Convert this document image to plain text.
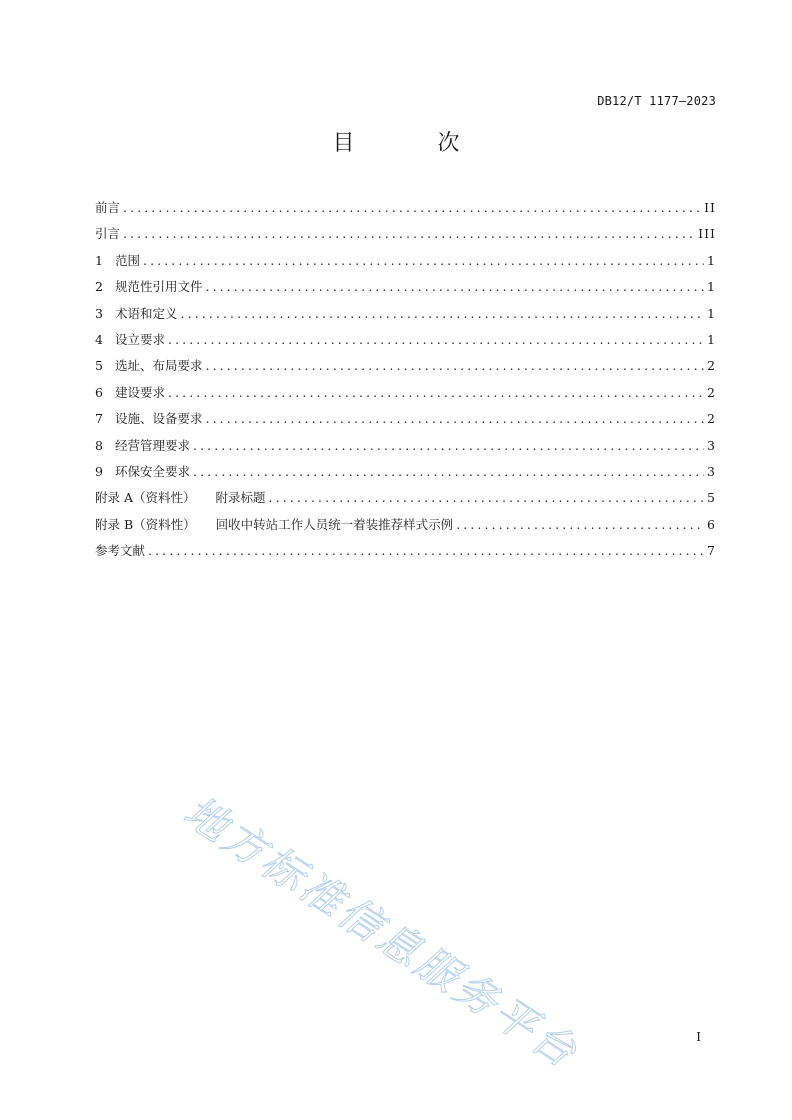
DB12/T 1177—2023
目 次
前言 .....	II
引言 .....	III
1 范围 .....	1
2 规范性引用文件 .....	1
3 术语和定义 .....	1
4 设立要求 .....	1
5 选址、布局要求 .....	2
6 建设要求 .....	2
7 设施、设备要求 .....	2
8 经营管理要求 .....	3
9 环保安全要求 .....	3
附录 A（资料性） 附录标题 .....	5
附录 B（资料性） 回收中转站工作人员统一着装推荐样式示例 .....	6
参考文献 .....	7
地方标准信息服务平台	I
